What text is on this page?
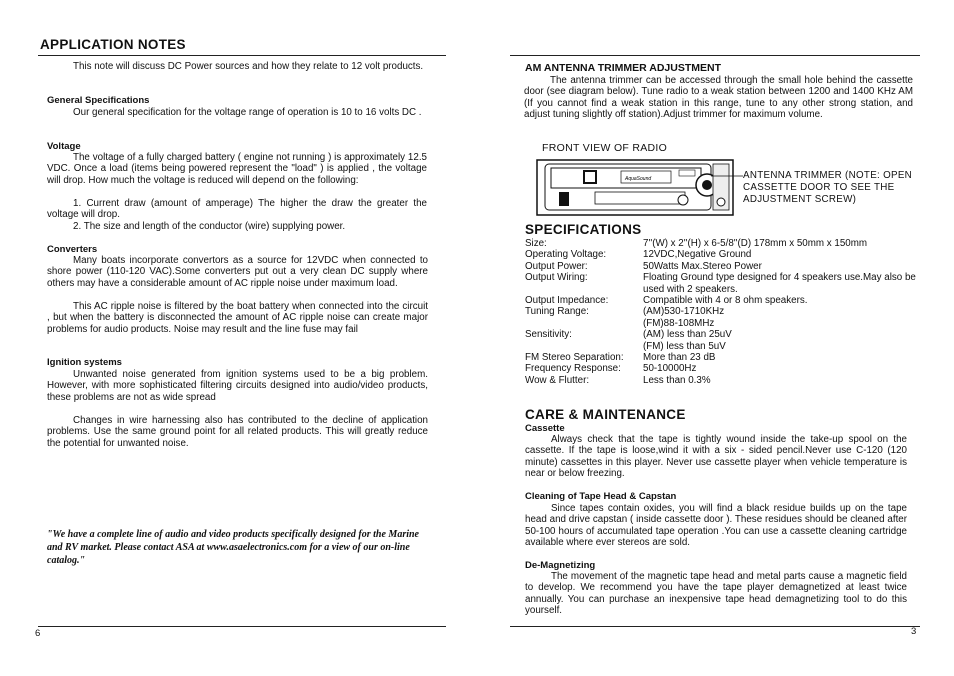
APPLICATION NOTES
This note will discuss DC Power sources and how they relate to 12 volt products.
General Specifications
Our general specification for the voltage range of operation is 10 to 16 volts DC .
Voltage
The voltage of a fully charged battery ( engine not running ) is approximately 12.5 VDC. Once a load (items being powered represent the "load" ) is applied , the voltage will drop. How much the voltage is reduced will depend on the following:
1. Current draw (amount of amperage) The higher the draw the greater the voltage will drop.
2. The size and length of the conductor (wire) supplying power.
Converters
Many boats incorporate convertors as a source for 12VDC when connected to shore power (110-120 VAC).Some converters put out a very clean DC supply where others may have a considerable amount of AC ripple noise under maximum load.
This AC ripple noise is filtered by the boat battery when connected into the circuit , but when the battery is disconnected the amount of AC ripple noise can create major problems for audio products. Noise may result and the line fuse may fail
Ignition systems
Unwanted noise generated from ignition systems used to be a big problem. However, with more sophisticated filtering circuits designed into audio/video products, these problems are not as wide spread
Changes in wire harnessing also has contributed to the decline of application problems. Use the same ground point for all related products. This will greatly reduce the potential for unwanted noise.
"We have a complete line of audio and video products specifically designed for the Marine and RV market. Please contact ASA at www.asaelectronics.com for a view of our on-line catalog."
6
AM ANTENNA TRIMMER ADJUSTMENT
The antenna trimmer can be accessed through the small hole behind the cassette door (see diagram below). Tune radio to a weak station between 1200 and 1400 KHz AM (If you cannot find a weak station in this range, tune to any other strong station, and adjust tuning slightly off station).Adjust trimmer for maximum volume.
FRONT VIEW OF RADIO
AquaSound	ANTENNA TRIMMER (NOTE: OPEN CASSETTE DOOR TO SEE THE ADJUSTMENT SCREW)
SPECIFICATIONS
Size:	7''(W) x 2''(H) x 6-5/8''(D) 178mm x 50mm x 150mm
Operating Voltage:	12VDC,Negative Ground
Output Power:	50Watts Max.Stereo Power
Output Wiring:	Floating Ground type designed for 4 speakers use.May also be used with 2 speakers.
Output Impedance:	Compatible with 4 or 8 ohm speakers.
Tuning Range:	(AM)530-1710KHz
(FM)88-108MHz
Sensitivity:	(AM) less than 25uV
(FM) less than 5uV
FM Stereo Separation:	More than 23 dB
Frequency Response:	50-10000Hz
Wow & Flutter:	Less than 0.3%
CARE & MAINTENANCE
Cassette
Always check that the tape is tightly wound inside the take-up spool on the cassette. If the tape is loose,wind it with a six - sided pencil.Never use C-120 (120 minute) cassettes in this player. Never use cassette player when vehicle temperature is near or below freezing.
Cleaning of Tape Head & Capstan
Since tapes contain oxides, you will find a black residue builds up on the tape head and drive capstan ( inside cassette door ). These residues should be cleaned after 50-100 hours of accumulated tape operation .You can use a cassette cleaning cartridge available where ever stereos are sold.
De-Magnetizing
The movement of the magnetic tape head and metal parts cause a magnetic field to develop. We recommend you have the tape player demagnetized at least twice annually. You can purchase an inexpensive tape head demagnetizing tool to do this yourself.
3
